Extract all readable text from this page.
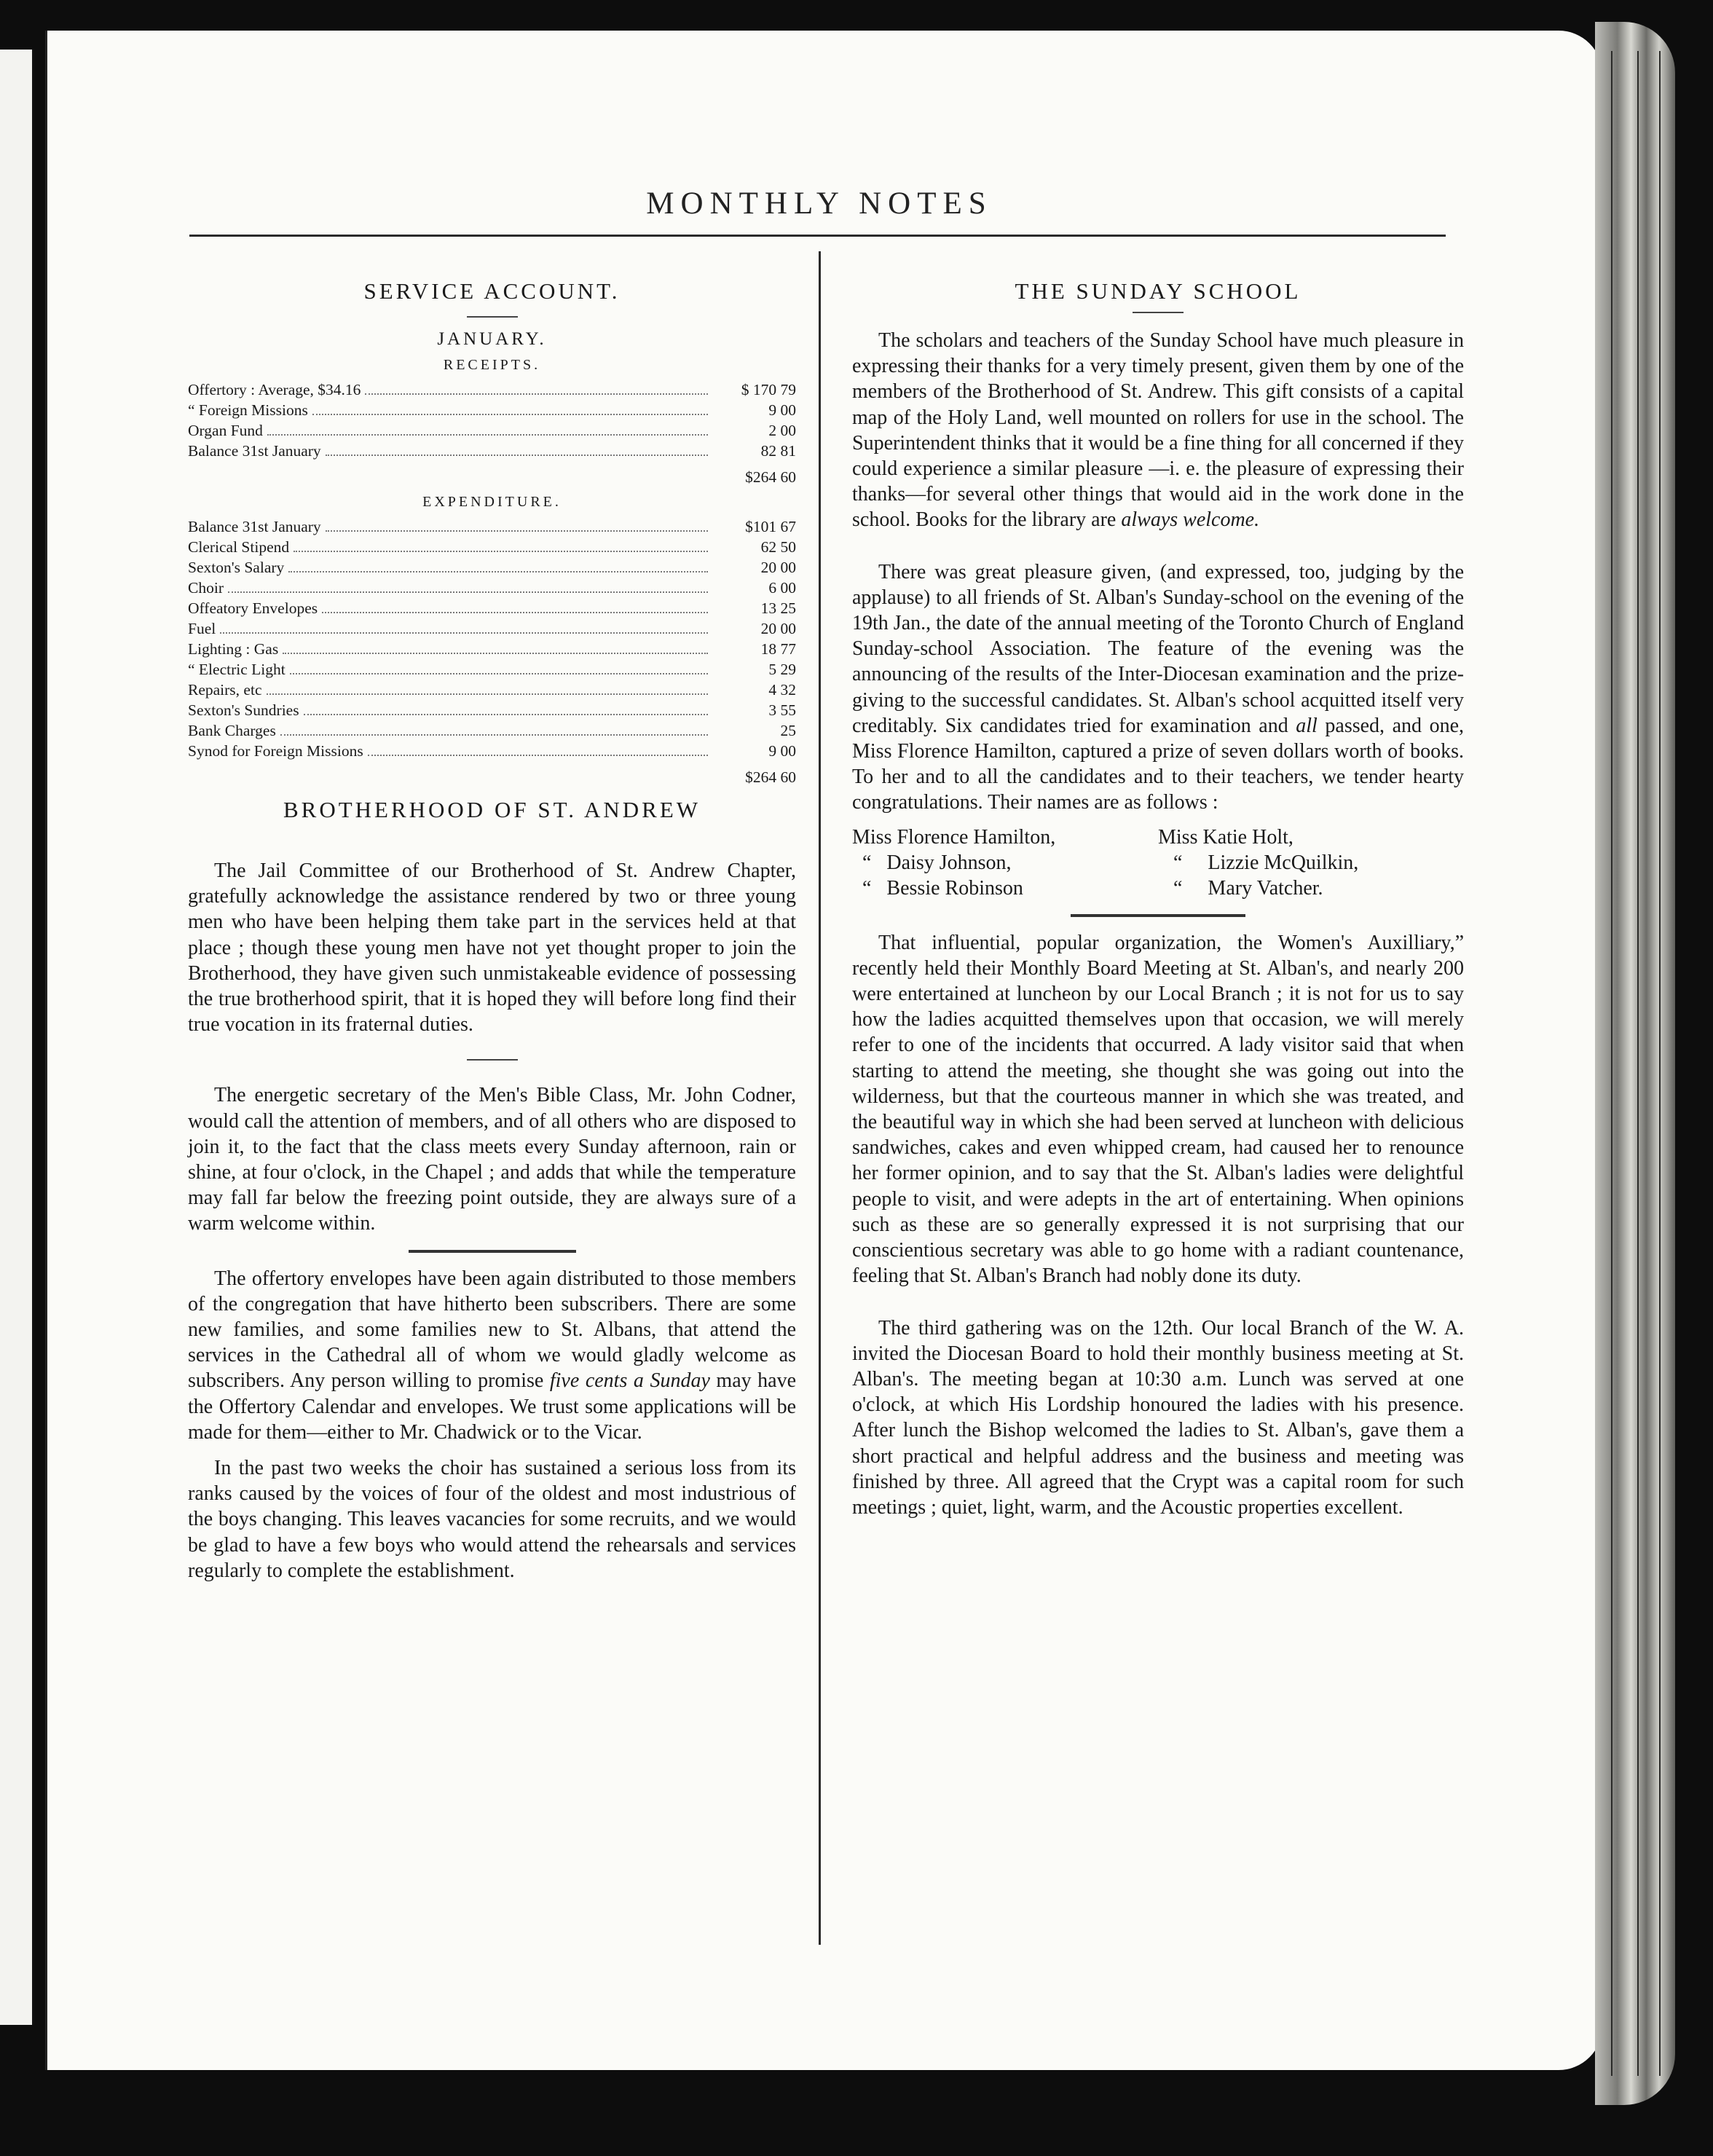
MONTHLY NOTES
SERVICE ACCOUNT.
JANUARY.
RECEIPTS.
Offertory : Average, $34.16	$ 170 79
“ Foreign Missions	9 00
Organ Fund	2 00
Balance 31st January	82 81
$264 60
EXPENDITURE.
Balance 31st January	$101 67
Clerical Stipend	62 50
Sexton's Salary	20 00
Choir	6 00
Offeatory Envelopes	13 25
Fuel	20 00
Lighting : Gas	18 77
“ Electric Light	5 29
Repairs, etc	4 32
Sexton's Sundries	3 55
Bank Charges	25
Synod for Foreign Missions	9 00
$264 60
BROTHERHOOD OF ST. ANDREW

The Jail Committee of our Brotherhood of St. Andrew Chapter, gratefully acknowledge the assistance rendered by two or three young men who have been helping them take part in the services held at that place ; though these young men have not yet thought proper to join the Brotherhood, they have given such unmistakeable evidence of possessing the true brotherhood spirit, that it is hoped they will before long find their true vocation in its fraternal duties.

The energetic secretary of the Men's Bible Class, Mr. John Codner, would call the attention of members, and of all others who are disposed to join it, to the fact that the class meets every Sunday afternoon, rain or shine, at four o'clock, in the Chapel ; and adds that while the temperature may fall far below the freezing point outside, they are always sure of a warm welcome within.

The offertory envelopes have been again distributed to those members of the congregation that have hitherto been subscribers. There are some new families, and some families new to St. Albans, that attend the services in the Cathedral all of whom we would gladly welcome as subscribers. Any person willing to promise five cents a Sunday may have the Offertory Calendar and envelopes. We trust some applications will be made for them—either to Mr. Chadwick or to the Vicar.

In the past two weeks the choir has sustained a serious loss from its ranks caused by the voices of four of the oldest and most industrious of the boys changing. This leaves vacancies for some recruits, and we would be glad to have a few boys who would attend the rehearsals and services regularly to complete the establishment.

THE SUNDAY SCHOOL

The scholars and teachers of the Sunday School have much pleasure in expressing their thanks for a very timely present, given them by one of the members of the Brotherhood of St. Andrew. This gift consists of a capital map of the Holy Land, well mounted on rollers for use in the school. The Superintendent thinks that it would be a fine thing for all concerned if they could experience a similar pleasure —i. e. the pleasure of expressing their thanks—for several other things that would aid in the work done in the school. Books for the library are always welcome.

There was great pleasure given, (and expressed, too, judging by the applause) to all friends of St. Alban's Sunday-school on the evening of the 19th Jan., the date of the annual meeting of the Toronto Church of England Sunday-school Association. The feature of the evening was the announcing of the results of the Inter-Diocesan examination and the prize-giving to the successful candidates. St. Alban's school acquitted itself very creditably. Six candidates tried for examination and all passed, and one, Miss Florence Hamilton, captured a prize of seven dollars worth of books. To her and to all the candidates and to their teachers, we tender hearty congratulations. Their names are as follows :

Miss Florence Hamilton,	Miss Katie Holt,
“   Daisy Johnson,	“     Lizzie McQuilkin,
“   Bessie Robinson	“     Mary Vatcher.

That influential, popular organization, the Women's Auxilliary,” recently held their Monthly Board Meeting at St. Alban's, and nearly 200 were entertained at luncheon by our Local Branch ; it is not for us to say how the ladies acquitted themselves upon that occasion, we will merely refer to one of the incidents that occurred. A lady visitor said that when starting to attend the meeting, she thought she was going out into the wilderness, but that the courteous manner in which she was treated, and the beautiful way in which she had been served at luncheon with delicious sandwiches, cakes and even whipped cream, had caused her to renounce her former opinion, and to say that the St. Alban's ladies were delightful people to visit, and were adepts in the art of entertaining. When opinions such as these are so generally expressed it is not surprising that our conscientious secretary was able to go home with a radiant countenance, feeling that St. Alban's Branch had nobly done its duty.

The third gathering was on the 12th. Our local Branch of the W. A. invited the Diocesan Board to hold their monthly business meeting at St. Alban's. The meeting began at 10:30 a.m. Lunch was served at one o'clock, at which His Lordship honoured the ladies with his presence. After lunch the Bishop welcomed the ladies to St. Alban's, gave them a short practical and helpful address and the business and meeting was finished by three. All agreed that the Crypt was a capital room for such meetings ; quiet, light, warm, and the Acoustic properties excellent.
